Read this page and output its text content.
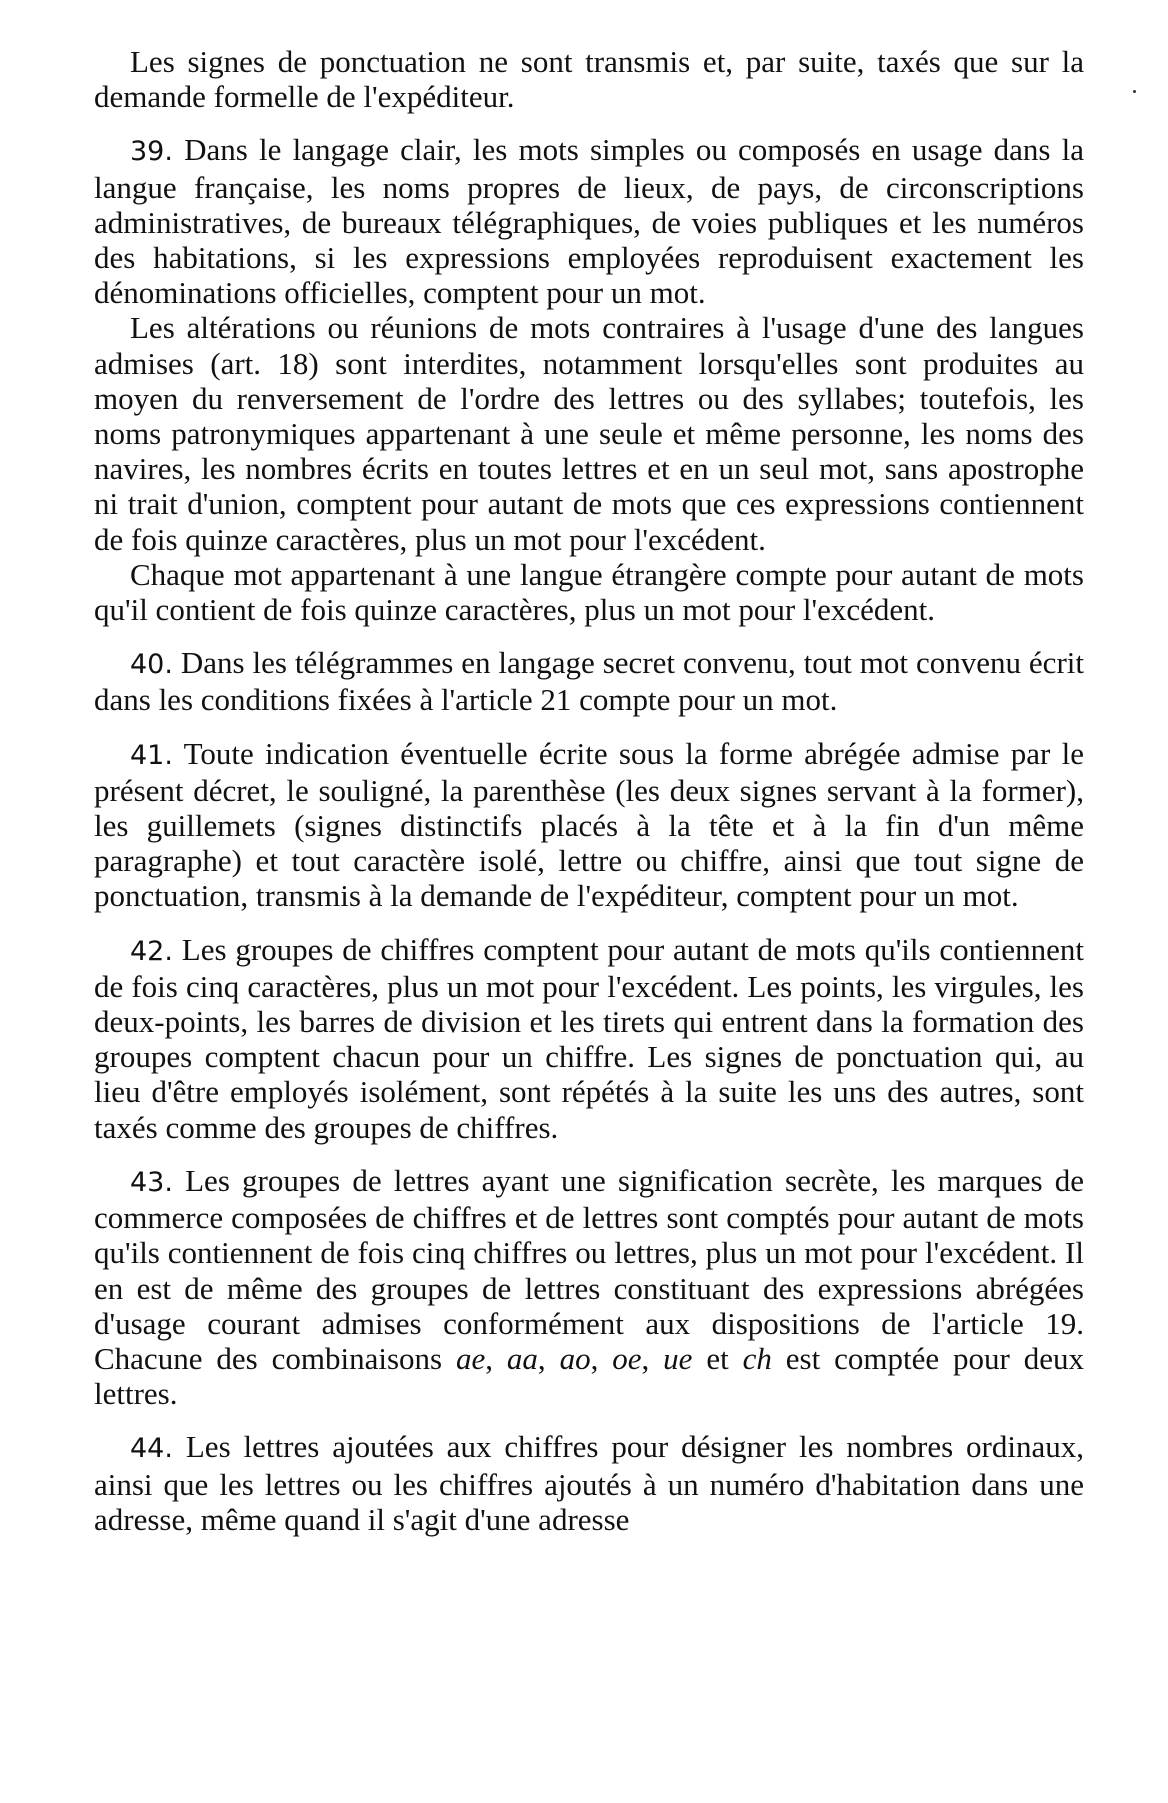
Les signes de ponctuation ne sont transmis et, par suite, taxés que sur la demande formelle de l'expéditeur.

39. Dans le langage clair, les mots simples ou composés en usage dans la langue française, les noms propres de lieux, de pays, de circonscriptions administratives, de bureaux télégraphiques, de voies publiques et les numéros des habitations, si les expressions employées reproduisent exactement les dénominations officielles, comptent pour un mot.

Les altérations ou réunions de mots contraires à l'usage d'une des langues admises (art. 18) sont interdites, notamment lorsqu'elles sont produites au moyen du renversement de l'ordre des lettres ou des syllabes; toutefois, les noms patronymiques appartenant à une seule et même personne, les noms des navires, les nombres écrits en toutes lettres et en un seul mot, sans apostrophe ni trait d'union, comptent pour autant de mots que ces expressions contiennent de fois quinze caractères, plus un mot pour l'excédent.

Chaque mot appartenant à une langue étrangère compte pour autant de mots qu'il contient de fois quinze caractères, plus un mot pour l'excédent.

40. Dans les télégrammes en langage secret convenu, tout mot convenu écrit dans les conditions fixées à l'article 21 compte pour un mot.

41. Toute indication éventuelle écrite sous la forme abrégée admise par le présent décret, le souligné, la parenthèse (les deux signes servant à la former), les guillemets (signes distinctifs placés à la tête et à la fin d'un même paragraphe) et tout caractère isolé, lettre ou chiffre, ainsi que tout signe de ponctuation, transmis à la demande de l'expéditeur, comptent pour un mot.

42. Les groupes de chiffres comptent pour autant de mots qu'ils contiennent de fois cinq caractères, plus un mot pour l'excédent. Les points, les virgules, les deux-points, les barres de division et les tirets qui entrent dans la formation des groupes comptent chacun pour un chiffre. Les signes de ponctuation qui, au lieu d'être employés isolément, sont répétés à la suite les uns des autres, sont taxés comme des groupes de chiffres.

43. Les groupes de lettres ayant une signification secrète, les marques de commerce composées de chiffres et de lettres sont comptés pour autant de mots qu'ils contiennent de fois cinq chiffres ou lettres, plus un mot pour l'excédent. Il en est de même des groupes de lettres constituant des expressions abrégées d'usage courant admises conformément aux dispositions de l'article 19. Chacune des combinaisons ae, aa, ao, oe, ue et ch est comptée pour deux lettres.

44. Les lettres ajoutées aux chiffres pour désigner les nombres ordinaux, ainsi que les lettres ou les chiffres ajoutés à un numéro d'habitation dans une adresse, même quand il s'agit d'une adresse
